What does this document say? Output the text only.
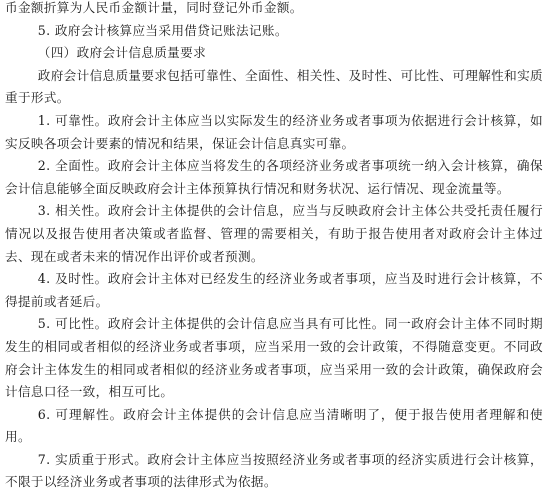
币金额折算为人民币金额计量，同时登记外币金额。

5. 政府会计核算应当采用借贷记账法记账。

（四）政府会计信息质量要求

政府会计信息质量要求包括可靠性、全面性、相关性、及时性、可比性、可理解性和实质重于形式。

1. 可靠性。政府会计主体应当以实际发生的经济业务或者事项为依据进行会计核算，如实反映各项会计要素的情况和结果，保证会计信息真实可靠。

2. 全面性。政府会计主体应当将发生的各项经济业务或者事项统一纳入会计核算，确保会计信息能够全面反映政府会计主体预算执行情况和财务状况、运行情况、现金流量等。

3. 相关性。政府会计主体提供的会计信息，应当与反映政府会计主体公共受托责任履行情况以及报告使用者决策或者监督、管理的需要相关，有助于报告使用者对政府会计主体过去、现在或者未来的情况作出评价或者预测。

4. 及时性。政府会计主体对已经发生的经济业务或者事项，应当及时进行会计核算，不得提前或者延后。

5. 可比性。政府会计主体提供的会计信息应当具有可比性。同一政府会计主体不同时期发生的相同或者相似的经济业务或者事项，应当采用一致的会计政策，不得随意变更。不同政府会计主体发生的相同或者相似的经济业务或者事项，应当采用一致的会计政策，确保政府会计信息口径一致，相互可比。

6. 可理解性。政府会计主体提供的会计信息应当清晰明了，便于报告使用者理解和使用。

7. 实质重于形式。政府会计主体应当按照经济业务或者事项的经济实质进行会计核算，不限于以经济业务或者事项的法律形式为依据。
